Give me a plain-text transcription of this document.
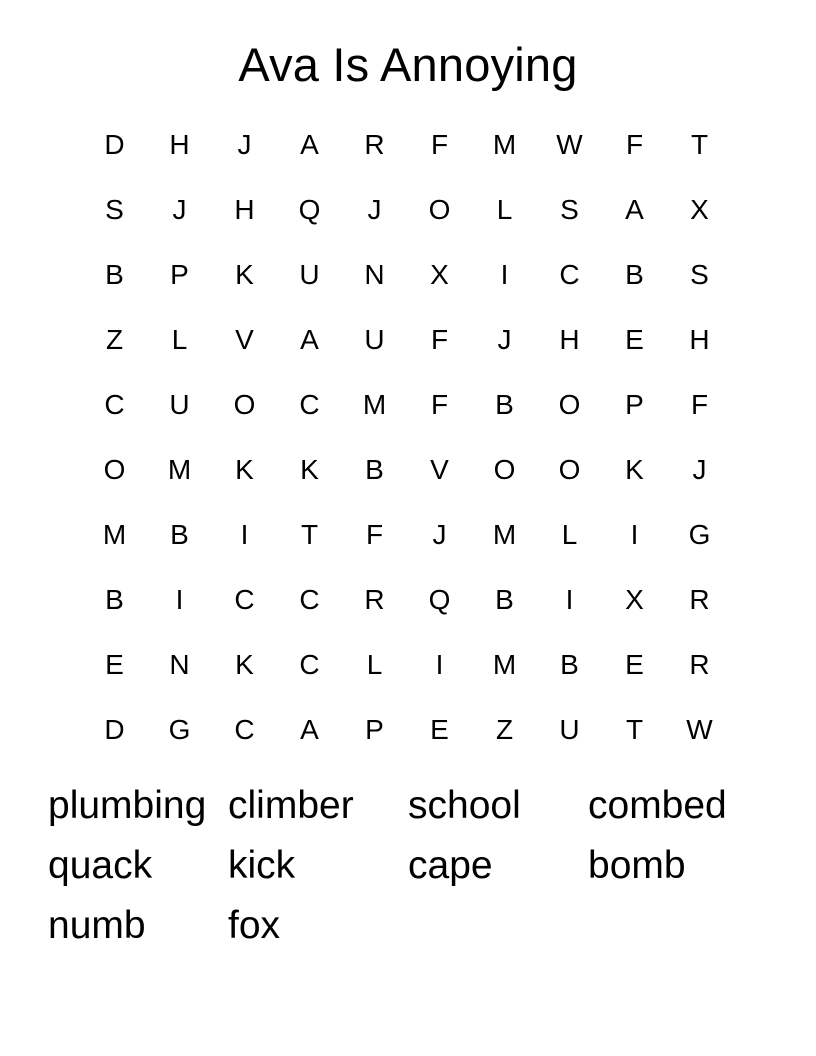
Ava Is Annoying
D	H	J	A	R	F	M	W	F	T
S	J	H	Q	J	O	L	S	A	X
B	P	K	U	N	X	I	C	B	S
Z	L	V	A	U	F	J	H	E	H
C	U	O	C	M	F	B	O	P	F
O	M	K	K	B	V	O	O	K	J
M	B	I	T	F	J	M	L	I	G
B	I	C	C	R	Q	B	I	X	R
E	N	K	C	L	I	M	B	E	R
D	G	C	A	P	E	Z	U	T	W
plumbing climber	school	combed
quack	kick	cape	bomb
numb	fox
